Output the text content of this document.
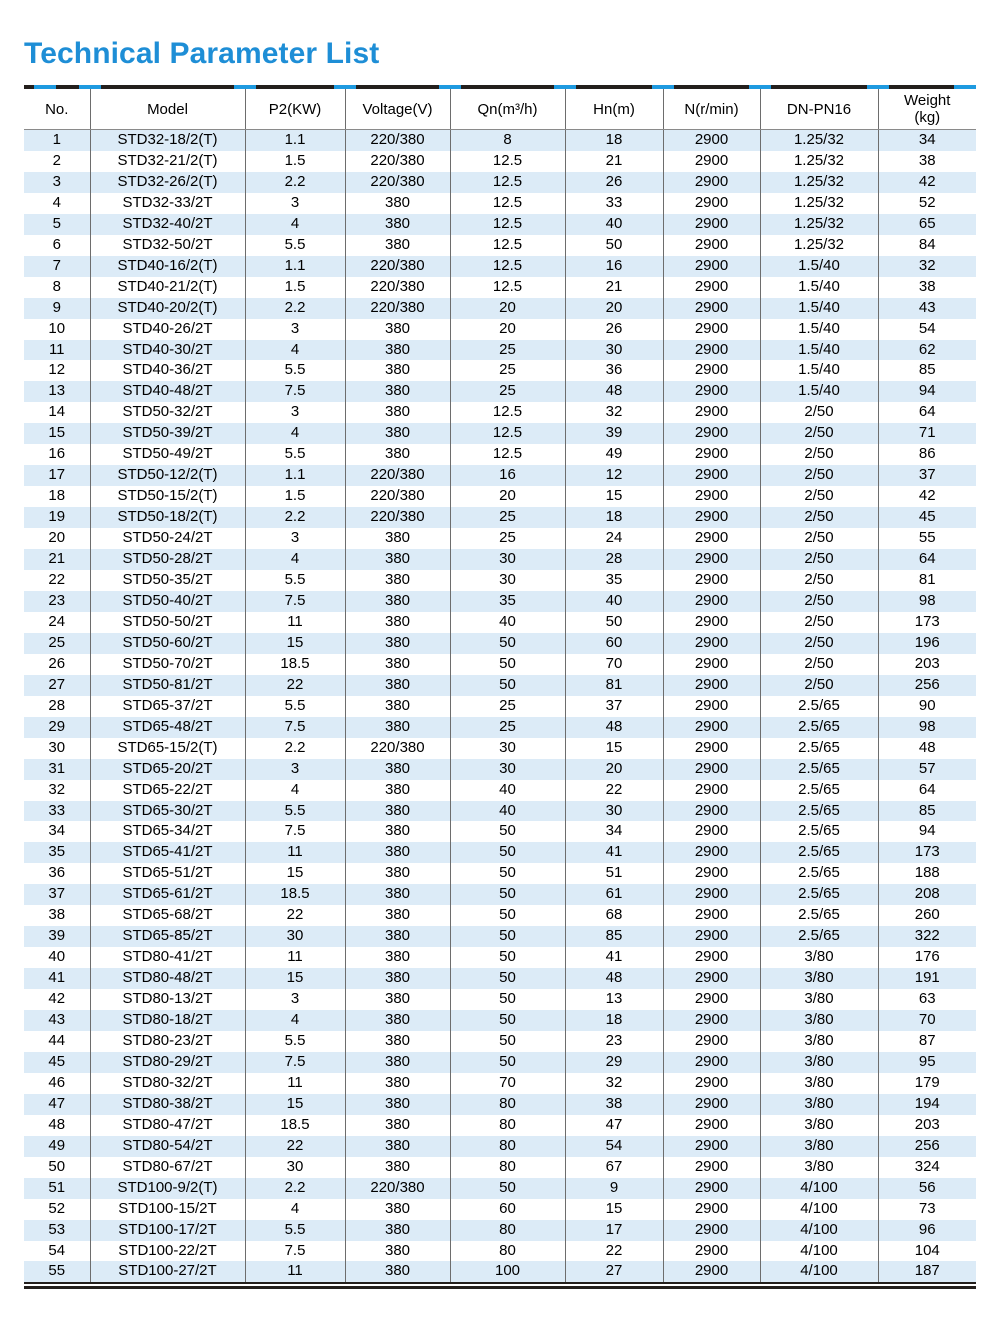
Technical Parameter List
No.	Model	P2(KW)	Voltage(V)	Qn(m³/h)	Hn(m)	N(r/min)	DN-PN16	Weight
(kg)

1	STD32-18/2(T)	1.1	220/380	8	18	2900	1.25/32	34
2	STD32-21/2(T)	1.5	220/380	12.5	21	2900	1.25/32	38
3	STD32-26/2(T)	2.2	220/380	12.5	26	2900	1.25/32	42
4	STD32-33/2T	3	380	12.5	33	2900	1.25/32	52
5	STD32-40/2T	4	380	12.5	40	2900	1.25/32	65
6	STD32-50/2T	5.5	380	12.5	50	2900	1.25/32	84
7	STD40-16/2(T)	1.1	220/380	12.5	16	2900	1.5/40	32
8	STD40-21/2(T)	1.5	220/380	12.5	21	2900	1.5/40	38
9	STD40-20/2(T)	2.2	220/380	20	20	2900	1.5/40	43
10	STD40-26/2T	3	380	20	26	2900	1.5/40	54
11	STD40-30/2T	4	380	25	30	2900	1.5/40	62
12	STD40-36/2T	5.5	380	25	36	2900	1.5/40	85
13	STD40-48/2T	7.5	380	25	48	2900	1.5/40	94
14	STD50-32/2T	3	380	12.5	32	2900	2/50	64
15	STD50-39/2T	4	380	12.5	39	2900	2/50	71
16	STD50-49/2T	5.5	380	12.5	49	2900	2/50	86
17	STD50-12/2(T)	1.1	220/380	16	12	2900	2/50	37
18	STD50-15/2(T)	1.5	220/380	20	15	2900	2/50	42
19	STD50-18/2(T)	2.2	220/380	25	18	2900	2/50	45
20	STD50-24/2T	3	380	25	24	2900	2/50	55
21	STD50-28/2T	4	380	30	28	2900	2/50	64
22	STD50-35/2T	5.5	380	30	35	2900	2/50	81
23	STD50-40/2T	7.5	380	35	40	2900	2/50	98
24	STD50-50/2T	11	380	40	50	2900	2/50	173
25	STD50-60/2T	15	380	50	60	2900	2/50	196
26	STD50-70/2T	18.5	380	50	70	2900	2/50	203
27	STD50-81/2T	22	380	50	81	2900	2/50	256
28	STD65-37/2T	5.5	380	25	37	2900	2.5/65	90
29	STD65-48/2T	7.5	380	25	48	2900	2.5/65	98
30	STD65-15/2(T)	2.2	220/380	30	15	2900	2.5/65	48
31	STD65-20/2T	3	380	30	20	2900	2.5/65	57
32	STD65-22/2T	4	380	40	22	2900	2.5/65	64
33	STD65-30/2T	5.5	380	40	30	2900	2.5/65	85
34	STD65-34/2T	7.5	380	50	34	2900	2.5/65	94
35	STD65-41/2T	11	380	50	41	2900	2.5/65	173
36	STD65-51/2T	15	380	50	51	2900	2.5/65	188
37	STD65-61/2T	18.5	380	50	61	2900	2.5/65	208
38	STD65-68/2T	22	380	50	68	2900	2.5/65	260
39	STD65-85/2T	30	380	50	85	2900	2.5/65	322
40	STD80-41/2T	11	380	50	41	2900	3/80	176
41	STD80-48/2T	15	380	50	48	2900	3/80	191
42	STD80-13/2T	3	380	50	13	2900	3/80	63
43	STD80-18/2T	4	380	50	18	2900	3/80	70
44	STD80-23/2T	5.5	380	50	23	2900	3/80	87
45	STD80-29/2T	7.5	380	50	29	2900	3/80	95
46	STD80-32/2T	11	380	70	32	2900	3/80	179
47	STD80-38/2T	15	380	80	38	2900	3/80	194
48	STD80-47/2T	18.5	380	80	47	2900	3/80	203
49	STD80-54/2T	22	380	80	54	2900	3/80	256
50	STD80-67/2T	30	380	80	67	2900	3/80	324
51	STD100-9/2(T)	2.2	220/380	50	9	2900	4/100	56
52	STD100-15/2T	4	380	60	15	2900	4/100	73
53	STD100-17/2T	5.5	380	80	17	2900	4/100	96
54	STD100-22/2T	7.5	380	80	22	2900	4/100	104
55	STD100-27/2T	11	380	100	27	2900	4/100	187
